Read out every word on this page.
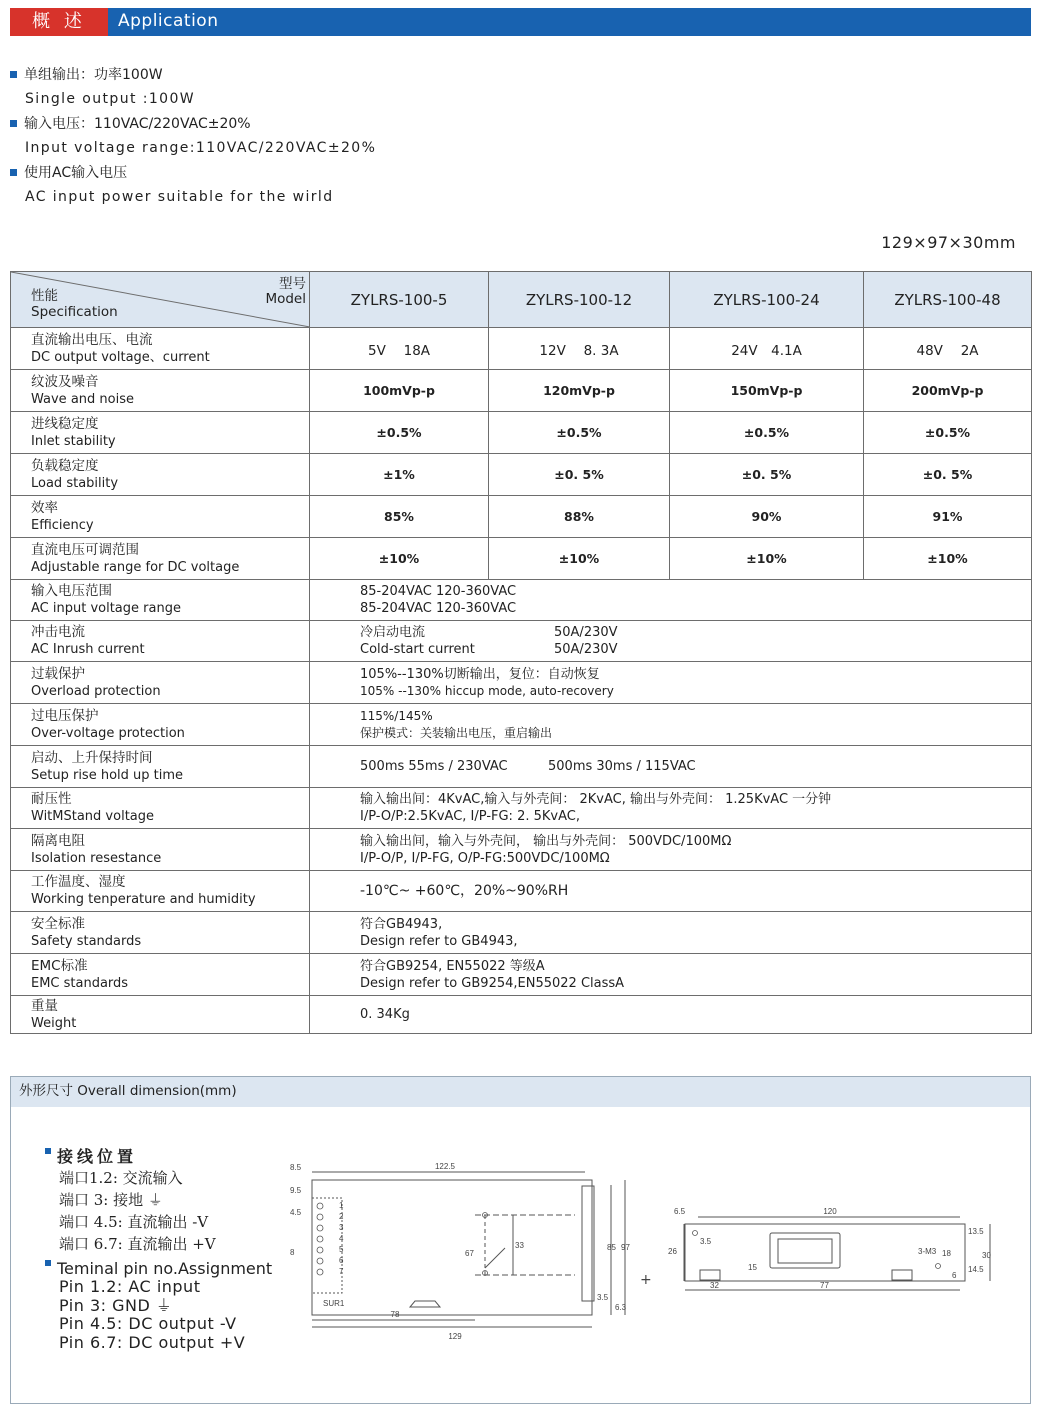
概 述	Application
单组输出：功率100W
Single output :100W
输入电压：110VAC/220VAC±20%
Input voltage range:110VAC/220VAC±20%
使用AC输入电压
AC input power suitable for the wirld
129×97×30mm
性能
Specification
型号
Model	ZYLRS-100-5	ZYLRS-100-12	ZYLRS-100-24	ZYLRS-100-48

直流输出电压、电流
DC output voltage、current	5V　 18A	12V　 8. 3A	24V　4.1A	48V　 2A

纹波及噪音
Wave and noise	100mVp-p	120mVp-p	150mVp-p	200mVp-p

进线稳定度
Inlet stability	±0.5%	±0.5%	±0.5%	±0.5%

负载稳定度
Load stability	±1%	±0. 5%	±0. 5%	±0. 5%

效率
Efficiency	85%	88%	90%	91%

直流电压可调范围
Adjustable range for DC voltage	±10%	±10%	±10%	±10%

输入电压范围
AC input voltage range	85-204VAC 120-360VAC
85-204VAC 120-360VAC			

冲击电流
AC Inrush current	冷启动电流 50A/230V
Cold-start current 50A/230V			

过载保护
Overload protection	105%--130%切断输出，复位：自动恢复
105% --130% hiccup mode, auto-recovery			

过电压保护
Over-voltage protection	115%/145%
保护模式：关装输出电压，重启输出			

启动、上升保持时间
Setup rise hold up time	500ms 55ms / 230VAC 500ms 30ms / 115VAC			

耐压性
WitMStand voltage	输入输出间：4KvAC,输入与外壳间： 2KvAC, 输出与外壳间： 1.25KvAC 一分钟
I/P-O/P:2.5KvAC, I/P-FG: 2. 5KvAC,			

隔离电阻
Isolation resestance	输入输出间，输入与外壳间， 输出与外壳间： 500VDC/100MΩ
I/P-O/P, I/P-FG, O/P-FG:500VDC/100MΩ			

工作温度、湿度
Working tenperature and humidity	-10℃~ +60℃，20%~90%RH			

安全标准
Safety standards	符合GB4943,
Design refer to GB4943,			

EMC标准
EMC standards	符合GB9254, EN55022 等级A
Design refer to GB9254,EN55022 ClassA			

重量
Weight	0. 34Kg			
外形尺寸 Overall dimension(mm)
接线位置
端口1.2: 交流输入
端口 3: 接地 ⏚
端口 4.5: 直流输出 -V
端口 6.7: 直流输出 +V
Teminal pin no.Assignment
Pin 1.2: AC input
Pin 3: GND ⏚
Pin 4.5: DC output -V
Pin 6.7: DC output +V
122.5
129
78
85 97
33
67
3.5
6.3
SUR1
8.5
4.5
9.5
8
1
2
3
4
5
6
7
+
120
6.5
32	77
26
15
3.5
3-M3
13.5
18
14.5
30
6
